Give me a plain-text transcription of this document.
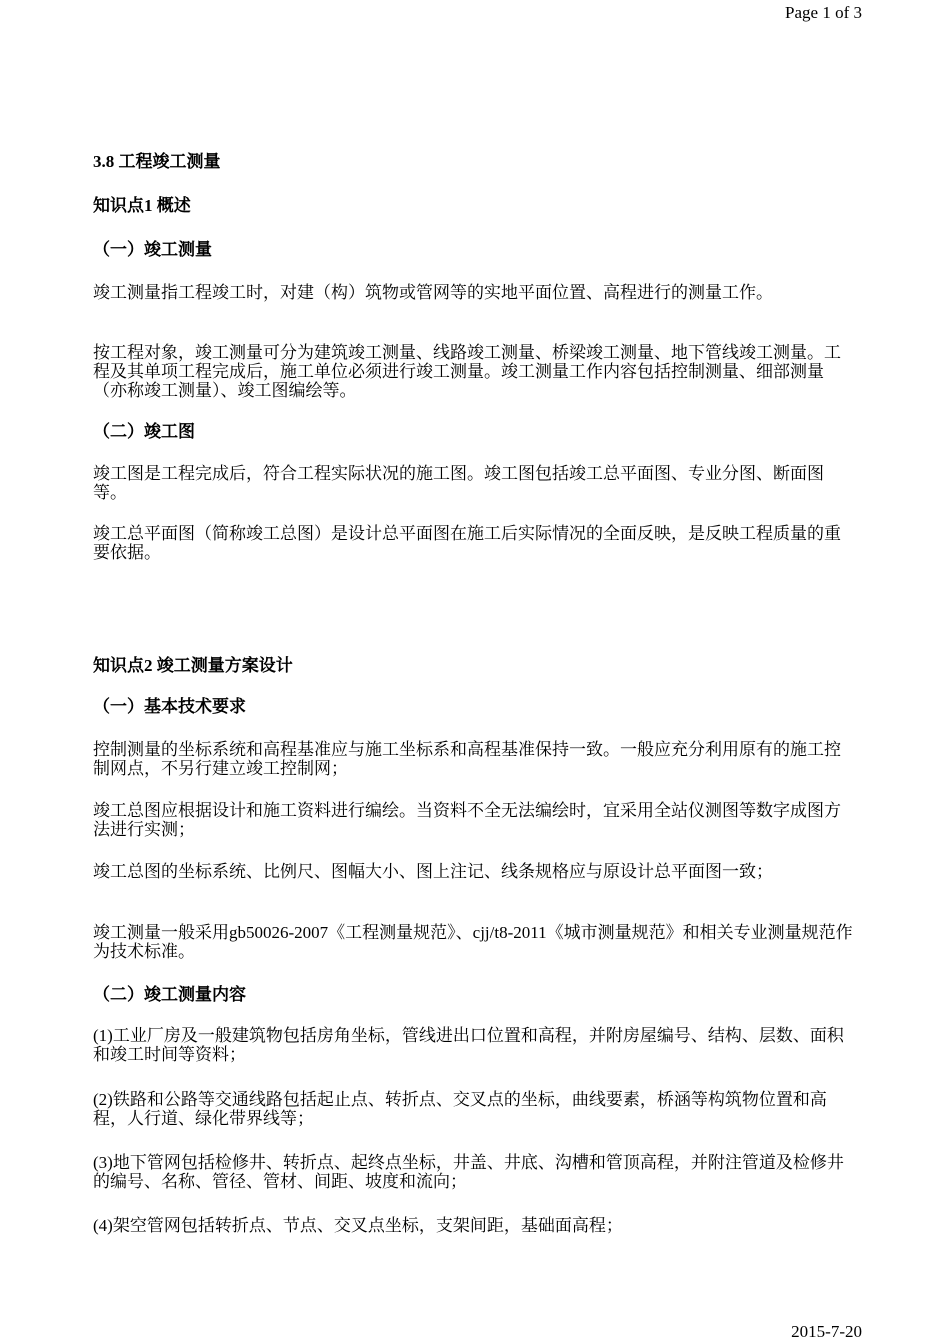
Page 1 of 3
3.8 工程竣工测量
知识点1 概述
（一）竣工测量
竣工测量指工程竣工时，对建（构）筑物或管网等的实地平面位置、高程进行的测量工作。
按工程对象，竣工测量可分为建筑竣工测量、线路竣工测量、桥梁竣工测量、地下管线竣工测量。工程及其单项工程完成后，施工单位必须进行竣工测量。竣工测量工作内容包括控制测量、细部测量（亦称竣工测量）、竣工图编绘等。
（二）竣工图
竣工图是工程完成后，符合工程实际状况的施工图。竣工图包括竣工总平面图、专业分图、断面图等。
竣工总平面图（简称竣工总图）是设计总平面图在施工后实际情况的全面反映，是反映工程质量的重要依据。
知识点2 竣工测量方案设计
（一）基本技术要求
控制测量的坐标系统和高程基准应与施工坐标系和高程基准保持一致。一般应充分利用原有的施工控制网点，不另行建立竣工控制网；
竣工总图应根据设计和施工资料进行编绘。当资料不全无法编绘时，宜采用全站仪测图等数字成图方法进行实测；
竣工总图的坐标系统、比例尺、图幅大小、图上注记、线条规格应与原设计总平面图一致；
竣工测量一般采用gb50026-2007《工程测量规范》、cjj/t8-2011《城市测量规范》和相关专业测量规范作为技术标准。
（二）竣工测量内容
(1)工业厂房及一般建筑物包括房角坐标，管线进出口位置和高程，并附房屋编号、结构、层数、面积和竣工时间等资料；
(2)铁路和公路等交通线路包括起止点、转折点、交叉点的坐标，曲线要素，桥涵等构筑物位置和高程，人行道、绿化带界线等；
(3)地下管网包括检修井、转折点、起终点坐标，井盖、井底、沟槽和管顶高程，并附注管道及检修井的编号、名称、管径、管材、间距、坡度和流向；
(4)架空管网包括转折点、节点、交叉点坐标，支架间距，基础面高程；
2015-7-20
